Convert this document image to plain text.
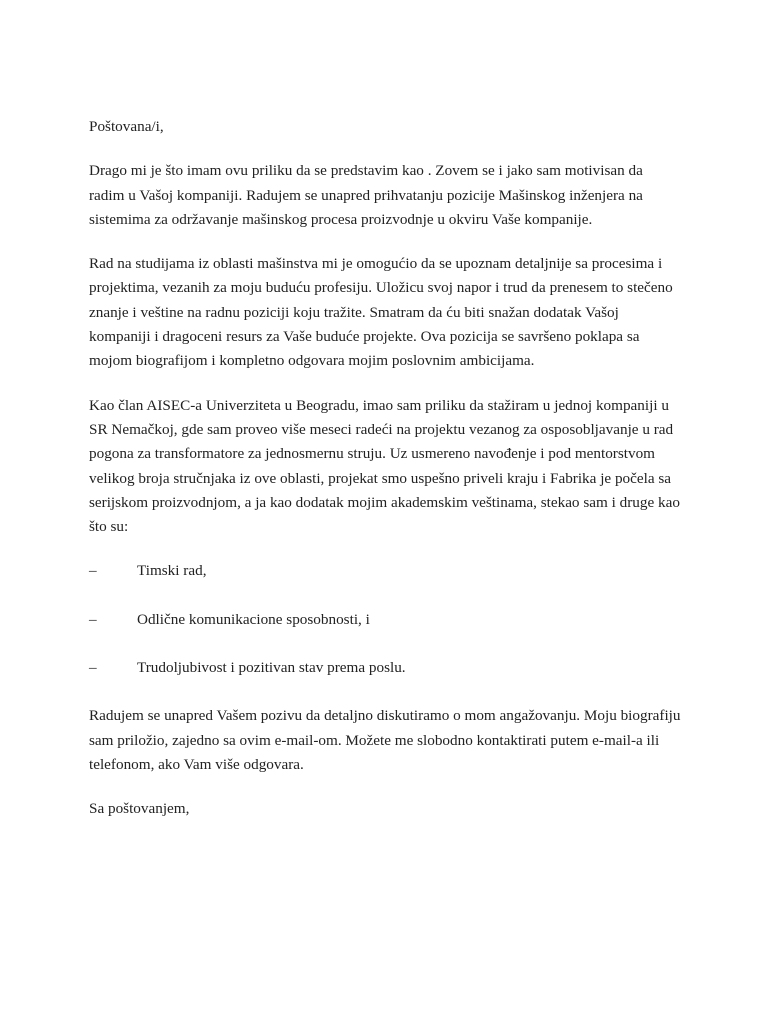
Poštovana/i,

Drago mi je što imam ovu priliku da se predstavim kao . Zovem se i jako sam motivisan da
radim u Vašoj kompaniji. Radujem se unapred prihvatanju pozicije Mašinskog inženjera na
sistemima za održavanje mašinskog procesa proizvodnje u okviru Vaše kompanije.

Rad na studijama iz oblasti mašinstva mi je omogućio da se upoznam detaljnije sa procesima i
projektima, vezanih za moju buduću profesiju. Uložicu svoj napor i trud da prenesem to stečeno
znanje i veštine na radnu poziciji koju tražite. Smatram da ću biti snažan dodatak Vašoj
kompaniji i dragoceni resurs za Vaše buduće projekte. Ova pozicija se savršeno poklapa sa
mojom biografijom i kompletno odgovara mojim poslovnim ambicijama.

Kao član AISEC-a Univerziteta u Beogradu, imao sam priliku da stažiram u jednoj kompaniji u
SR Nemačkoj, gde sam proveo više meseci radeći na projektu vezanog za osposobljavanje u rad
pogona za transformatore za jednosmernu struju. Uz usmereno navođenje i pod mentorstvom
velikog broja stručnjaka iz ove oblasti, projekat smo uspešno priveli kraju i Fabrika je počela sa
serijskom proizvodnjom, a ja kao dodatak mojim akademskim veštinama, stekao sam i druge kao
što su:

–	Timski rad,
–	Odlične komunikacione sposobnosti, i
–	Trudoljubivost i pozitivan stav prema poslu.

Radujem se unapred Vašem pozivu da detaljno diskutiramo o mom angažovanju. Moju biografiju
sam priložio, zajedno sa ovim e-mail-om. Možete me slobodno kontaktirati putem e-mail-a ili
telefonom, ako Vam više odgovara.

Sa poštovanjem,
